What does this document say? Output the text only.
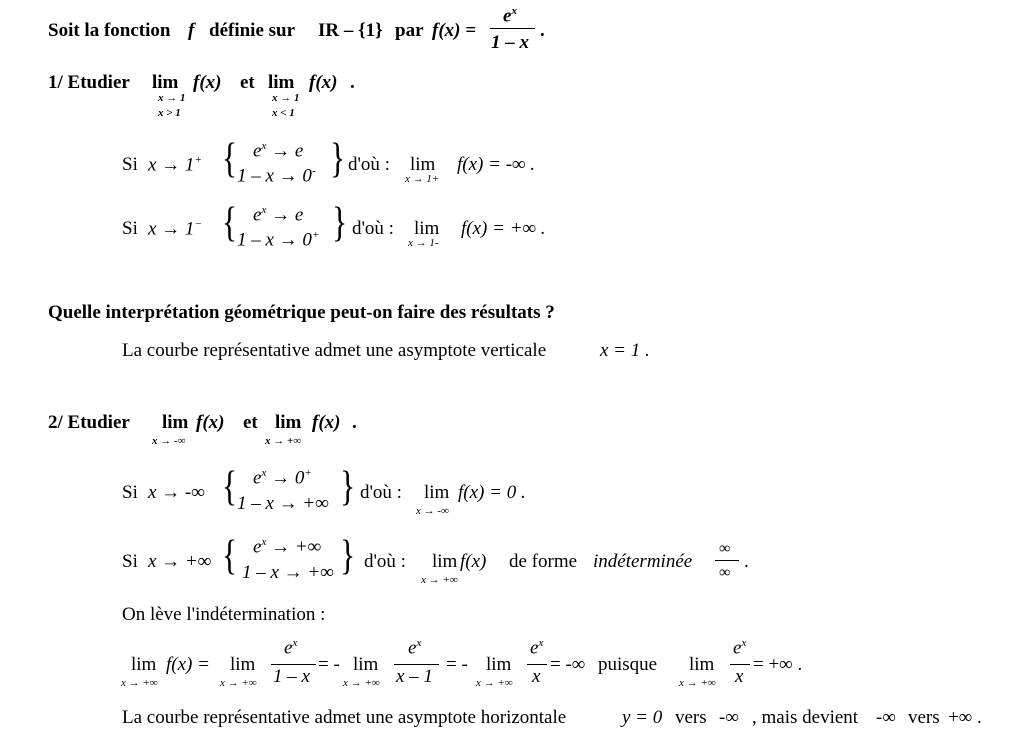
Soit la fonction f définie sur IR – {1} par f(x) =
$e^x$
1 – x
.
1/ Etudier lim
x → 1
x > 1
f(x) et lim
x → 1
x < 1
f(x) .
Si x → 1+ { $e^x \to e$
1 – x → 0- } d'où : lim
x → 1+
f(x) = -∞ .
Si x → 1− { $e^x \to e$
1 – x → 0+ } d'où : lim
x → 1-
f(x) = +∞ .
Quelle interprétation géométrique peut-on faire des résultats ?
La courbe représentative admet une asymptote verticale	x = 1 .
2/ Etudier lim
x → -∞
f(x) et lim
x → +∞
f(x) .
Si x → -∞ { $e^x \to 0^+$
1 – x → +∞ } d'où : lim
x → -∞
f(x) = 0 .
Si x → +∞ { $e^x$ → +∞
1 – x → +∞ } d'où : lim
x → +∞
f(x) de forme indéterminée
∞
∞
.
On lève l'indétermination :
lim
x → +∞
f(x) = lim
x → +∞
$e^x$
1 – x
= - lim
x → +∞
$e^x$
x – 1
= - lim
x → +∞
$e^x$
x
= -∞ puisque lim
x → +∞
$e^x$
x
= +∞ .
La courbe représentative admet une asymptote horizontale	y = 0 vers -∞ , mais devient -∞ vers +∞ .
